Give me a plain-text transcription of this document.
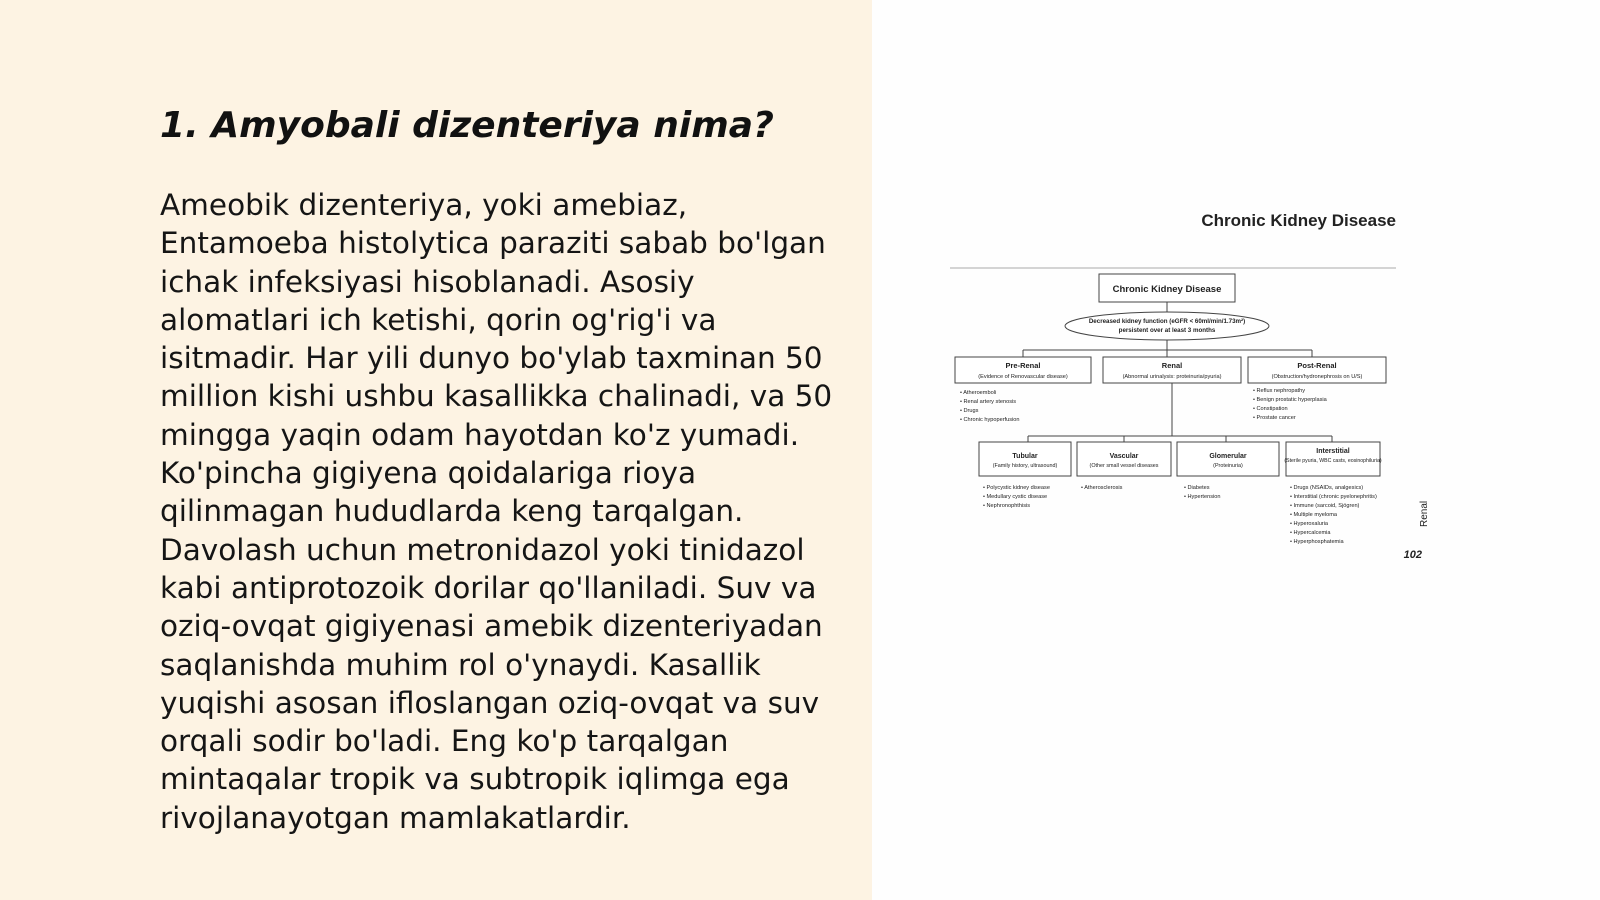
1. Amyobali dizenteriya nima?

Ameobik dizenteriya, yoki amebiaz, Entamoeba histolytica paraziti sabab bo'lgan ichak infeksiyasi hisoblanadi. Asosiy alomatlari ich ketishi, qorin og'rig'i va isitmadir. Har yili dunyo bo'ylab taxminan 50 million kishi ushbu kasallikka chalinadi, va 50 mingga yaqin odam hayotdan ko'z yumadi. Ko'pincha gigiyena qoidalariga rioya qilinmagan hududlarda keng tarqalgan. Davolash uchun metronidazol yoki tinidazol kabi antiprotozoik dorilar qo'llaniladi. Suv va oziq-ovqat gigiyenasi amebik dizenteriyadan saqlanishda muhim rol o'ynaydi. Kasallik yuqishi asosan ifloslangan oziq-ovqat va suv orqali sodir bo'ladi. Eng ko'p tarqalgan mintaqalar tropik va subtropik iqlimga ega rivojlanayotgan mamlakatlardir.

Chronic Kidney Disease
Chronic Kidney Disease
Decreased kidney function (eGFR < 60ml/min/1.73m²)
persistent over at least 3 months
Pre-Renal
(Evidence of Renovascular disease)
• Atheroemboli
• Renal artery stenosis
• Drugs
• Chronic hypoperfusion
Renal
(Abnormal urinalysis: proteinuria/pyuria)
Post-Renal
(Obstruction/hydronephrosis on U/S)
• Reflux nephropathy
• Benign prostatic hyperplasia
• Constipation
• Prostate cancer
Tubular
(Family history, ultrasound)
• Polycystic kidney disease
• Medullary cystic disease
• Nephronophthisis
Vascular
(Other small vessel diseases
• Atherosclerosis
Glomerular
(Proteinuria)
• Diabetes
• Hypertension
Interstitial
(Sterile pyuria, WBC casts, eosinophiluria)
• Drugs (NSAIDs, analgesics)
• Interstitial (chronic pyelonephritis)
• Immune (sarcoid, Sjögren)
• Multiple myeloma
• Hyperoxaluria
• Hypercalcemia
• Hyperphosphatemia
Renal
102
